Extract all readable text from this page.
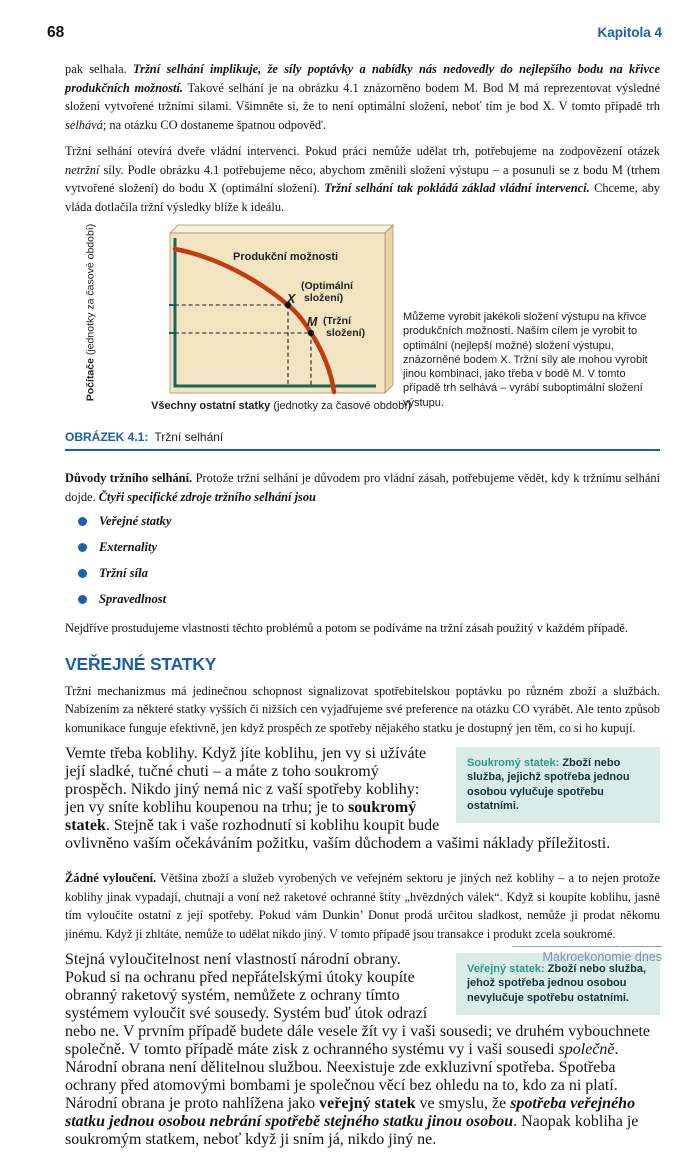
68	Kapitola 4

pak selhala. Tržní selhání implikuje, že síly poptávky a nabídky nás nedovedly do nejlepšího bodu na křivce produkčních možností. Takové selhání je na obrázku 4.1 znázorněno bodem M. Bod M má reprezentovat výsledné složení vytvořené tržními silami. Všimněte si, že to není optimální složení, neboť tím je bod X. V tomto případě trh selhává; na otázku CO dostaneme špatnou odpověď.

Tržní selhání otevírá dveře vládní intervenci. Pokud práci nemůže udělat trh, potřebujeme na zodpovězení otázek netržní síly. Podle obrázku 4.1 potřebujeme něco, abychom změnili složení výstupu – a posunuli se z bodu M (trhem vytvořené složení) do bodu X (optimální složení). Tržní selhání tak pokládá základ vládní intervenci. Chceme, aby vláda dotlačila tržní výsledky blíže k ideálu.

Produkční možnosti
X
(Optimální
složení)
M (Tržní
složení)
Počítače (jednotky za časové období)
Všechny ostatní statky (jednotky za časové období)
Můžeme vyrobit jakékoli složení výstupu na křivce produkčních možností. Naším cílem je vyrobit to optimální (nejlepší možné) složení výstupu, znázorněné bodem X. Tržní síly ale mohou vyrobit jinou kombinaci, jako třeba v bodě M. V tomto případě trh selhává – vyrábí suboptimální složení výstupu.
OBRÁZEK 4.1: Tržní selhání

Důvody tržního selhání. Protože tržní selhání je důvodem pro vládní zásah, potřebujeme vědět, kdy k tržnímu selhání dojde. Čtyři specifické zdroje tržního selhání jsou

Veřejné statky
Externality
Tržní síla
Spravedlnost

Nejdříve prostudujeme vlastnosti těchto problémů a potom se podíváme na tržní zásah použitý v každém případě.

VEŘEJNÉ STATKY

Tržní mechanizmus má jedinečnou schopnost signalizovat spotřebitelskou poptávku po různém zboží a službách. Nabízením za některé statky vyšších či nižších cen vyjadřujeme své preference na otázku CO vyrábět. Ale tento způsob komunikace funguje efektivně, jen když prospěch ze spotřeby nějakého statku je dostupný jen těm, co si ho kupují.

Soukromý statek: Zboží nebo služba, jejichž spotřeba jednou osobou vylučuje spotřebu ostatními.
Vemte třeba koblihy. Když jíte koblihu, jen vy si užíváte její sladké, tučné chuti – a máte z toho soukromý prospěch. Nikdo jiný nemá nic z vaší spotřeby koblihy: jen vy sníte koblihu koupenou na trhu; je to soukromý statek. Stejně tak i vaše rozhodnutí si koblihu koupit bude ovlivněno vaším očekáváním požitku, vaším důchodem a vašimi náklady příležitosti.

Žádné vyloučení. Většina zboží a služeb vyrobených ve veřejném sektoru je jiných než koblihy – a to nejen protože koblihy jinak vypadají, chutnají a voní než raketové ochranné štíty „hvězdných válek“. Když si koupíte koblihu, jasně tím vyloučíte ostatní z její spotřeby. Pokud vám Dunkin’ Donut prodá určitou sladkost, nemůže ji prodat někomu jinému. Když ji zhltáte, nemůže to udělat nikdo jiný. V tomto případě jsou transakce i produkt zcela soukromé.

Veřejný statek: Zboží nebo služba, jehož spotřeba jednou osobou nevylučuje spotřebu ostatními.
Stejná vyloučitelnost není vlastností národní obrany. Pokud si na ochranu před nepřátelskými útoky koupíte obranný raketový systém, nemůžete z ochrany tímto systémem vyloučit své sousedy. Systém buď útok odrazí nebo ne. V prvním případě budete dále vesele žít vy i vaši sousedi; ve druhém vybouchnete společně. V tomto případě máte zisk z ochranného systému vy i vaši sousedi společně. Národní obrana není dělitelnou službou. Neexistuje zde exkluzivní spotřeba. Spotřeba ochrany před atomovými bombami je společnou věcí bez ohledu na to, kdo za ni platí. Národní obrana je proto nahlížena jako veřejný statek ve smyslu, že spotřeba veřejného statku jednou osobou nebrání spotřebě stejného statku jinou osobou. Naopak kobliha je soukromým statkem, neboť když ji sním já, nikdo jiný ne.

Makroekonomie dnes
